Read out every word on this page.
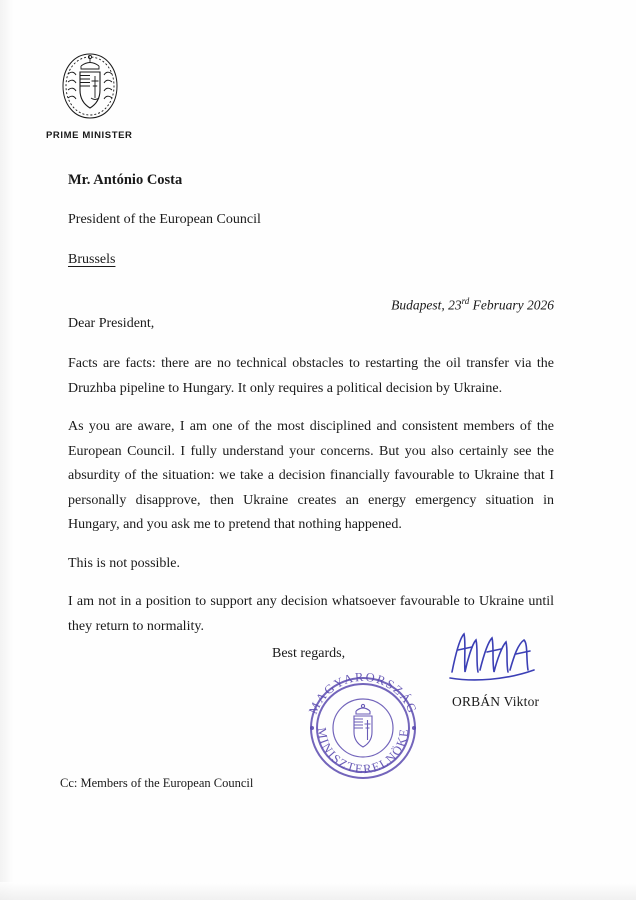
PRIME MINISTER

Mr. António Costa

President of the European Council

Brussels

Budapest, 23rd February 2026

Dear President,

Facts are facts: there are no technical obstacles to restarting the oil transfer via the Druzhba pipeline to Hungary. It only requires a political decision by Ukraine.

As you are aware, I am one of the most disciplined and consistent members of the European Council. I fully understand your concerns. But you also certainly see the absurdity of the situation: we take a decision financially favourable to Ukraine that I personally disapprove, then Ukraine creates an energy emergency situation in Hungary, and you ask me to pretend that nothing happened.

This is not possible.

I am not in a position to support any decision whatsoever favourable to Ukraine until they return to normality.

Best regards,
ORBÁN Viktor
MAGYARORSZÁG
MINISZTERELNÖKE
Cc: Members of the European Council
